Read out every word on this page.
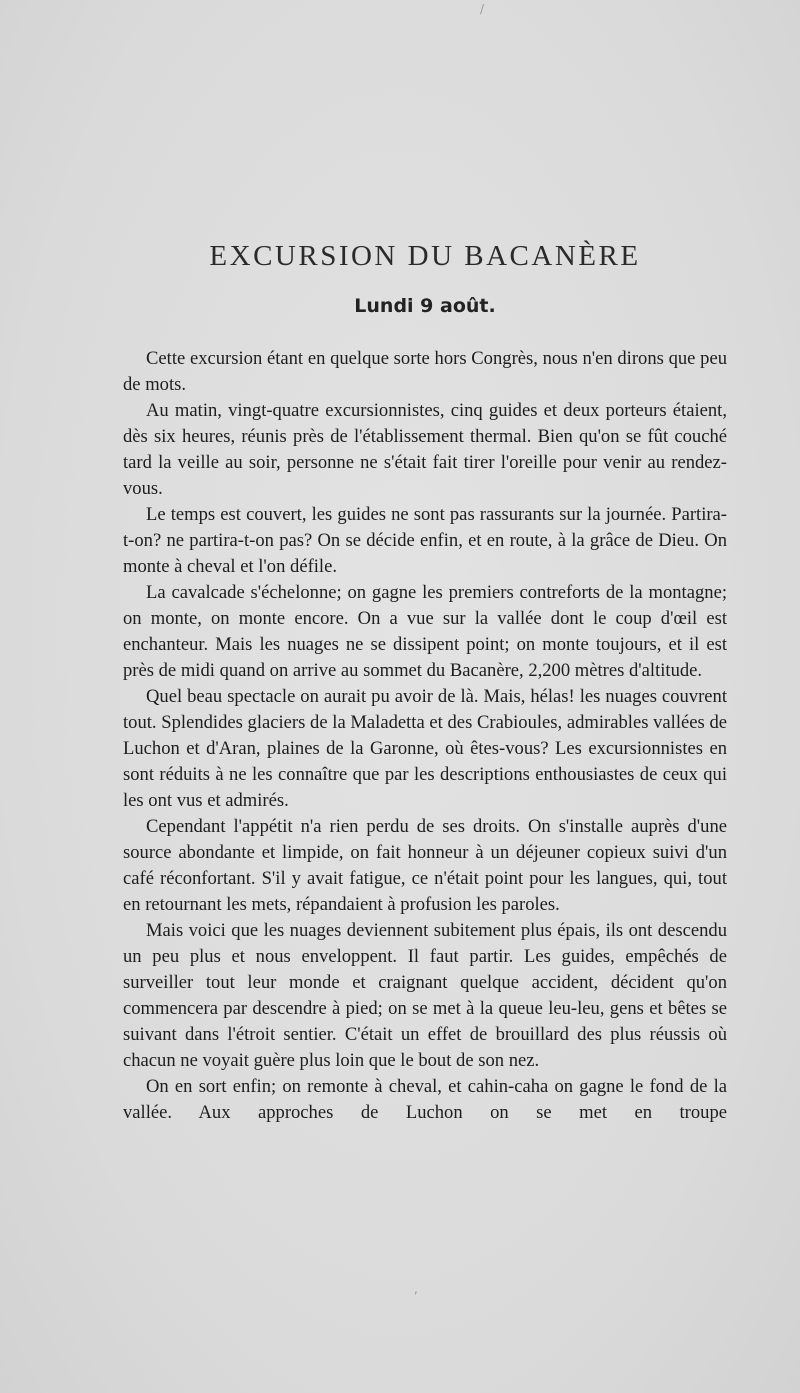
/
,
EXCURSION DU BACANÈRE
Lundi 9 août.

Cette excursion étant en quelque sorte hors Congrès, nous n'en dirons que peu de mots.

Au matin, vingt-quatre excursionnistes, cinq guides et deux porteurs étaient, dès six heures, réunis près de l'établissement thermal. Bien qu'on se fût couché tard la veille au soir, personne ne s'était fait tirer l'oreille pour venir au rendez-vous.

Le temps est couvert, les guides ne sont pas rassurants sur la journée. Partira-t-on? ne partira-t-on pas? On se décide enfin, et en route, à la grâce de Dieu. On monte à cheval et l'on défile.

La cavalcade s'échelonne; on gagne les premiers contreforts de la montagne; on monte, on monte encore. On a vue sur la vallée dont le coup d'œil est enchanteur. Mais les nuages ne se dissipent point; on monte toujours, et il est près de midi quand on arrive au sommet du Bacanère, 2,200 mètres d'altitude.

Quel beau spectacle on aurait pu avoir de là. Mais, hélas! les nuages couvrent tout. Splendides glaciers de la Maladetta et des Crabioules, admirables vallées de Luchon et d'Aran, plaines de la Garonne, où êtes-vous? Les excursionnistes en sont réduits à ne les connaître que par les descriptions enthousiastes de ceux qui les ont vus et admirés.

Cependant l'appétit n'a rien perdu de ses droits. On s'installe auprès d'une source abondante et limpide, on fait honneur à un déjeuner copieux suivi d'un café réconfortant. S'il y avait fatigue, ce n'était point pour les langues, qui, tout en retournant les mets, répandaient à profusion les paroles.

Mais voici que les nuages deviennent subitement plus épais, ils ont descendu un peu plus et nous enveloppent. Il faut partir. Les guides, empêchés de surveiller tout leur monde et craignant quelque accident, décident qu'on commencera par descendre à pied; on se met à la queue leu-leu, gens et bêtes se suivant dans l'étroit sentier. C'était un effet de brouillard des plus réussis où chacun ne voyait guère plus loin que le bout de son nez.

On en sort enfin; on remonte à cheval, et cahin-caha on gagne le fond de la vallée. Aux approches de Luchon on se met en troupe
